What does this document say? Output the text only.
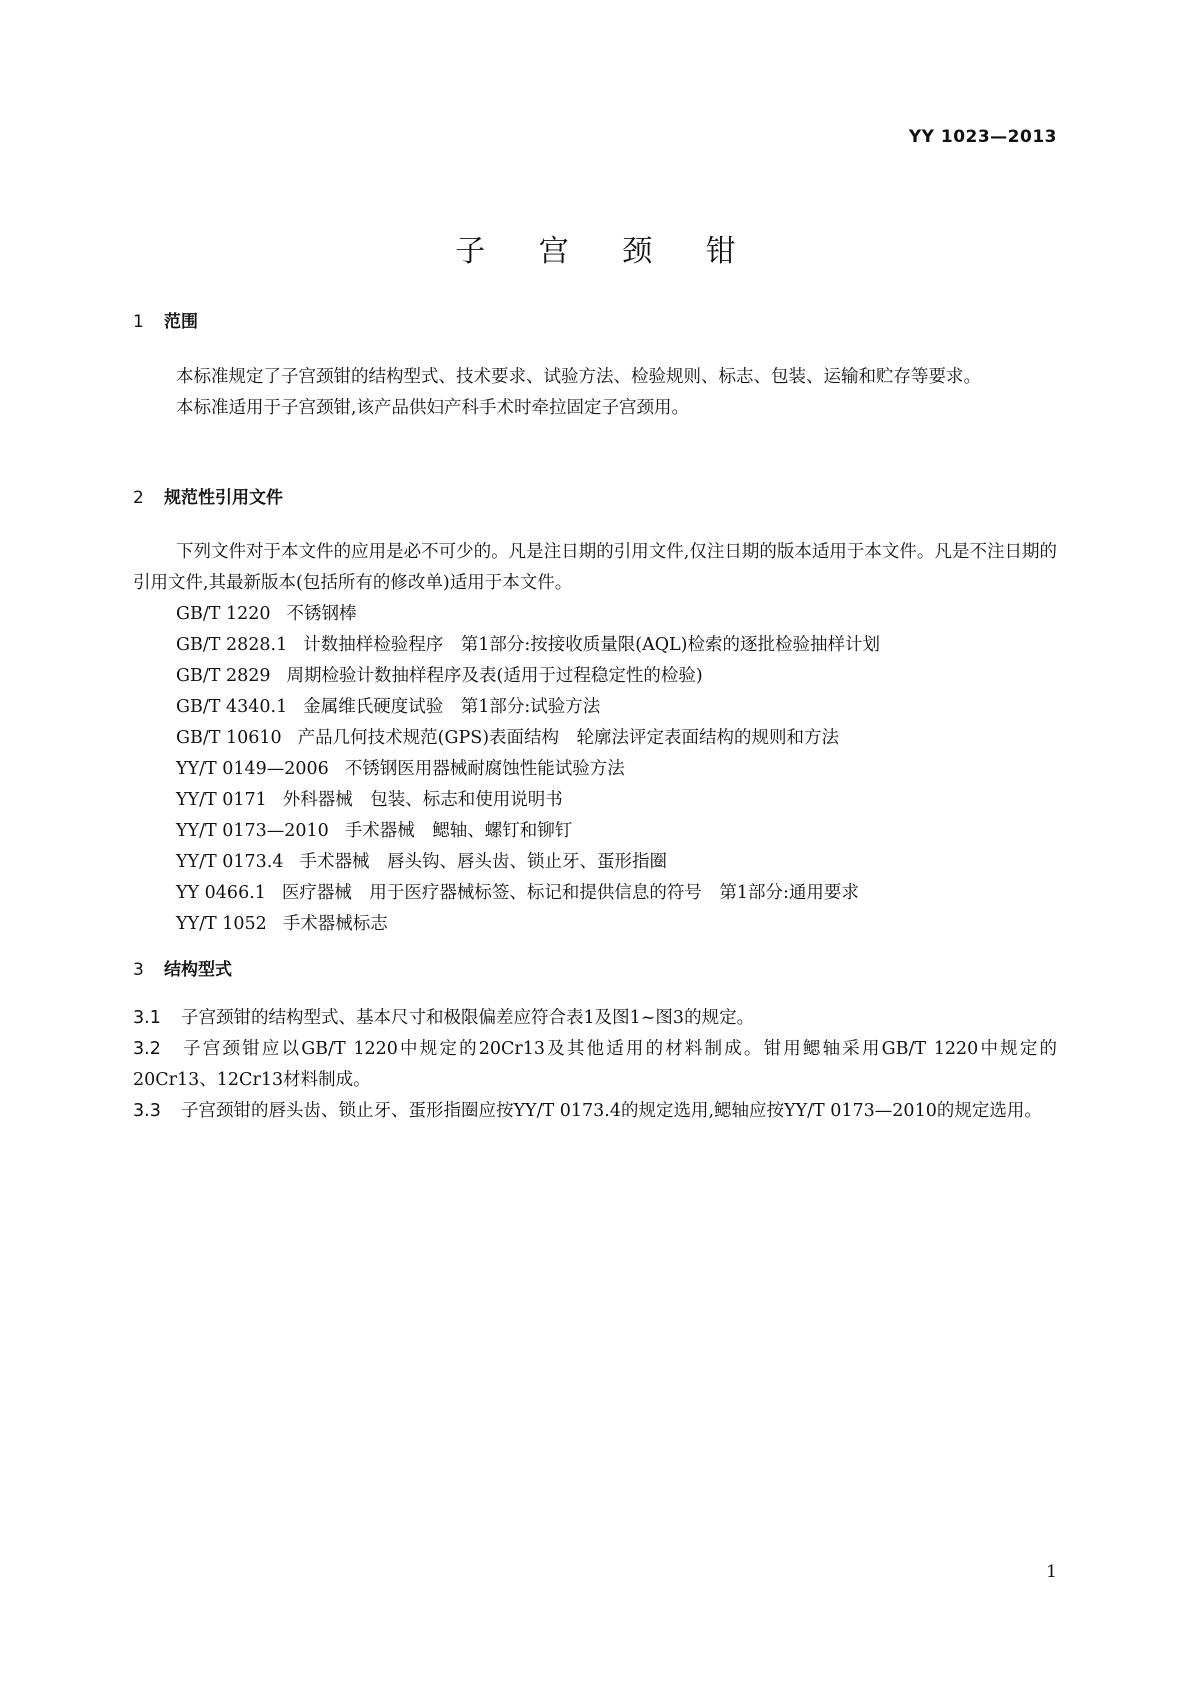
YY 1023—2013
子 宫 颈 钳
1 范围

本标准规定了子宫颈钳的结构型式、技术要求、试验方法、检验规则、标志、包装、运输和贮存等要求。

本标准适用于子宫颈钳,该产品供妇产科手术时牵拉固定子宫颈用。

2 规范性引用文件

下列文件对于本文件的应用是必不可少的。凡是注日期的引用文件,仅注日期的版本适用于本文件。凡是不注日期的引用文件,其最新版本(包括所有的修改单)适用于本文件。

GB/T 1220 不锈钢棒

GB/T 2828.1 计数抽样检验程序　第1部分:按接收质量限(AQL)检索的逐批检验抽样计划

GB/T 2829 周期检验计数抽样程序及表(适用于过程稳定性的检验)

GB/T 4340.1 金属维氏硬度试验　第1部分:试验方法

GB/T 10610 产品几何技术规范(GPS)表面结构　轮廓法评定表面结构的规则和方法

YY/T 0149—2006 不锈钢医用器械耐腐蚀性能试验方法

YY/T 0171 外科器械　包装、标志和使用说明书

YY/T 0173—2010 手术器械　鳃轴、螺钉和铆钉

YY/T 0173.4 手术器械　唇头钩、唇头齿、锁止牙、蛋形指圈

YY 0466.1 医疗器械　用于医疗器械标签、标记和提供信息的符号　第1部分:通用要求

YY/T 1052 手术器械标志

3 结构型式

3.1 子宫颈钳的结构型式、基本尺寸和极限偏差应符合表1及图1~图3的规定。

3.2 子宫颈钳应以GB/T 1220中规定的20Cr13及其他适用的材料制成。钳用鳃轴采用GB/T 1220中规定的20Cr13、12Cr13材料制成。

3.3 子宫颈钳的唇头齿、锁止牙、蛋形指圈应按YY/T 0173.4的规定选用,鳃轴应按YY/T 0173—2010的规定选用。

1
